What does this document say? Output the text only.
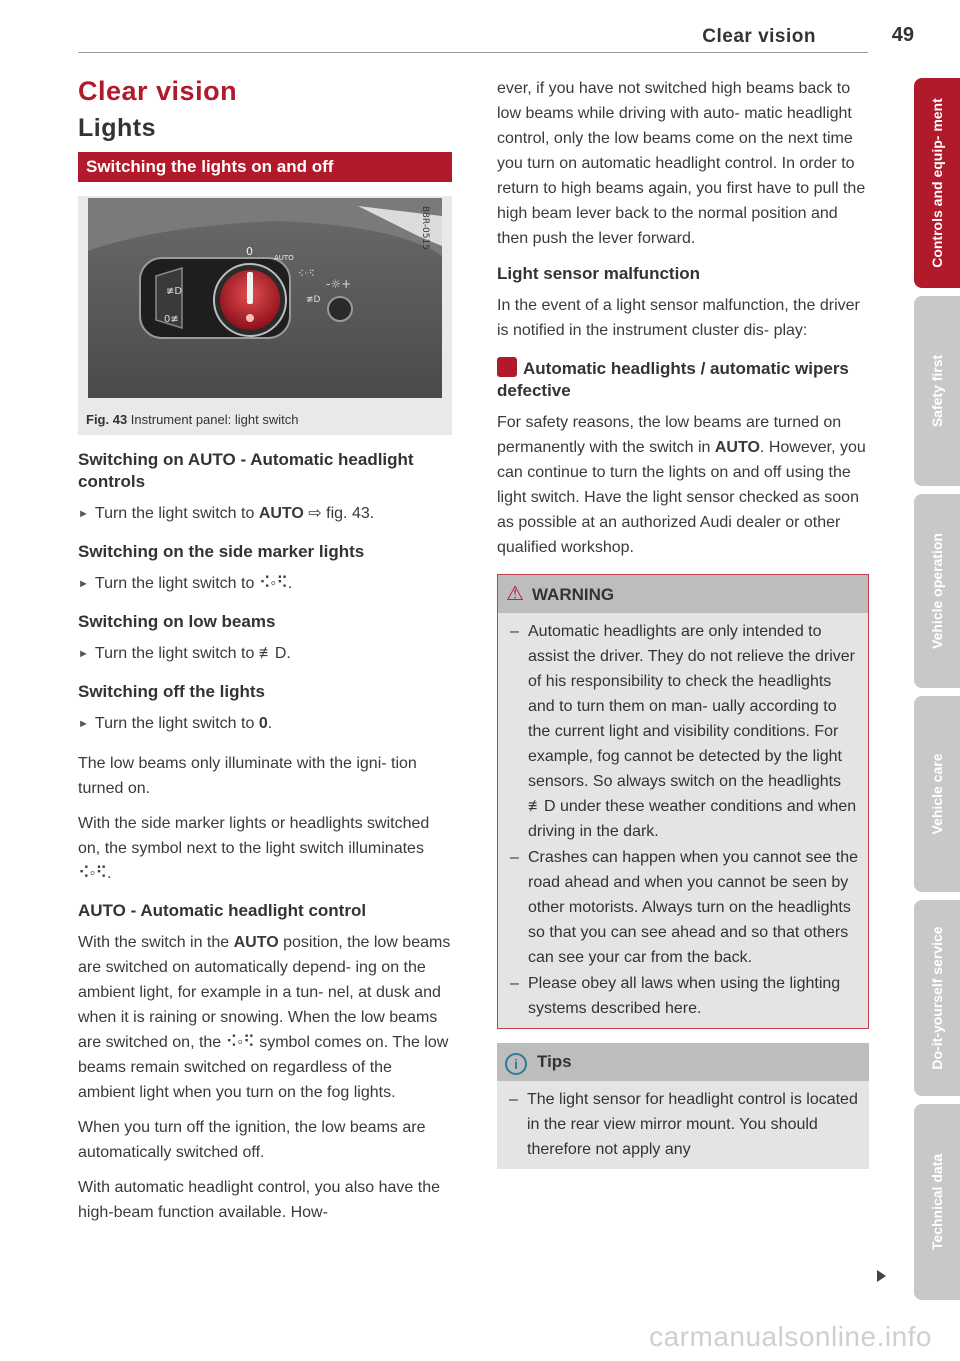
Clear vision	49
Clear vision
Lights
Switching the lights on and off
≢D
0≢
0	AUTO
⠪◦⠫
≢D
-☼+
B8R-0515
Fig. 43 Instrument panel: light switch
Switching on AUTO - Automatic headlight controls
► Turn the light switch to AUTO ⇨ fig. 43.
Switching on the side marker lights
► Turn the light switch to ⠪◦⠫.
Switching on low beams
► Turn the light switch to ≢D.
Switching off the lights
► Turn the light switch to 0.

The low beams only illuminate with the igni- tion turned on.

With the side marker lights or headlights switched on, the symbol next to the light switch illuminates ⠪◦⠫.

AUTO - Automatic headlight control

With the switch in the AUTO position, the low beams are switched on automatically depend- ing on the ambient light, for example in a tun- nel, at dusk and when it is raining or snowing. When the low beams are switched on, the ⠪◦⠫ symbol comes on. The low beams remain switched on regardless of the ambient light when you turn on the fog lights.

When you turn off the ignition, the low beams are automatically switched off.

With automatic headlight control, you also have the high-beam function available. How-

ever, if you have not switched high beams back to low beams while driving with auto- matic headlight control, only the low beams come on the next time you turn on automatic headlight control. In order to return to high beams again, you first have to pull the high beam lever back to the normal position and then push the lever forward.

Light sensor malfunction

In the event of a light sensor malfunction, the driver is notified in the instrument cluster dis- play:

Automatic headlights / automatic wipers defective

For safety reasons, the low beams are turned on permanently with the switch in AUTO. However, you can continue to turn the lights on and off using the light switch. Have the light sensor checked as soon as possible at an authorized Audi dealer or other qualified workshop.

⚠ WARNING
– Automatic headlights are only intended to assist the driver. They do not relieve the driver of his responsibility to check the headlights and to turn them on man- ually according to the current light and visibility conditions. For example, fog cannot be detected by the light sensors. So always switch on the headlights ≢D under these weather conditions and when driving in the dark.
– Crashes can happen when you cannot see the road ahead and when you cannot be seen by other motorists. Always turn on the headlights so that you can see ahead and so that others can see your car from the back.
– Please obey all laws when using the lighting systems described here.
i Tips
– The light sensor for headlight control is located in the rear view mirror mount. You should therefore not apply any
Controls and equip- ment
Safety first
Vehicle operation
Vehicle care
Do-it-yourself service
Technical data
carmanualsonline.info
